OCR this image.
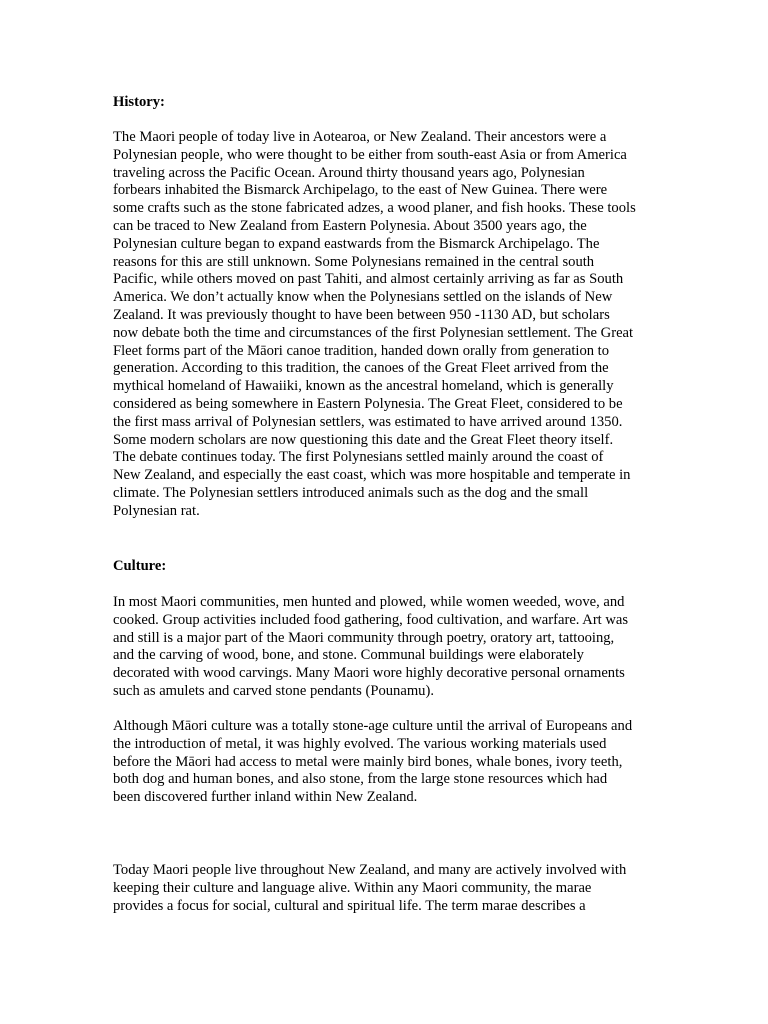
History:
The Maori people of today live in Aotearoa, or New Zealand. Their ancestors were a
Polynesian people, who were thought to be either from south-east Asia or from America
traveling across the Pacific Ocean. Around thirty thousand years ago, Polynesian
forbears inhabited the Bismarck Archipelago, to the east of New Guinea. There were
some crafts such as the stone fabricated adzes, a wood planer, and fish hooks. These tools
can be traced to New Zealand from Eastern Polynesia. About 3500 years ago, the
Polynesian culture began to expand eastwards from the Bismarck Archipelago. The
reasons for this are still unknown. Some Polynesians remained in the central south
Pacific, while others moved on past Tahiti, and almost certainly arriving as far as South
America. We don’t actually know when the Polynesians settled on the islands of New
Zealand. It was previously thought to have been between 950 -1130 AD, but scholars
now debate both the time and circumstances of the first Polynesian settlement. The Great
Fleet forms part of the Māori canoe tradition, handed down orally from generation to
generation. According to this tradition, the canoes of the Great Fleet arrived from the
mythical homeland of Hawaiiki, known as the ancestral homeland, which is generally
considered as being somewhere in Eastern Polynesia. The Great Fleet, considered to be
the first mass arrival of Polynesian settlers, was estimated to have arrived around 1350.
Some modern scholars are now questioning this date and the Great Fleet theory itself.
The debate continues today. The first Polynesians settled mainly around the coast of
New Zealand, and especially the east coast, which was more hospitable and temperate in
climate. The Polynesian settlers introduced animals such as the dog and the small
Polynesian rat.
Culture:
In most Maori communities, men hunted and plowed, while women weeded, wove, and
cooked. Group activities included food gathering, food cultivation, and warfare. Art was
and still is a major part of the Maori community through poetry, oratory art, tattooing,
and the carving of wood, bone, and stone. Communal buildings were elaborately
decorated with wood carvings. Many Maori wore highly decorative personal ornaments
such as amulets and carved stone pendants (Pounamu).
Although Māori culture was a totally stone-age culture until the arrival of Europeans and
the introduction of metal, it was highly evolved. The various working materials used
before the Māori had access to metal were mainly bird bones, whale bones, ivory teeth,
both dog and human bones, and also stone, from the large stone resources which had
been discovered further inland within New Zealand.
Today Maori people live throughout New Zealand, and many are actively involved with
keeping their culture and language alive. Within any Maori community, the marae
provides a focus for social, cultural and spiritual life. The term marae describes a
